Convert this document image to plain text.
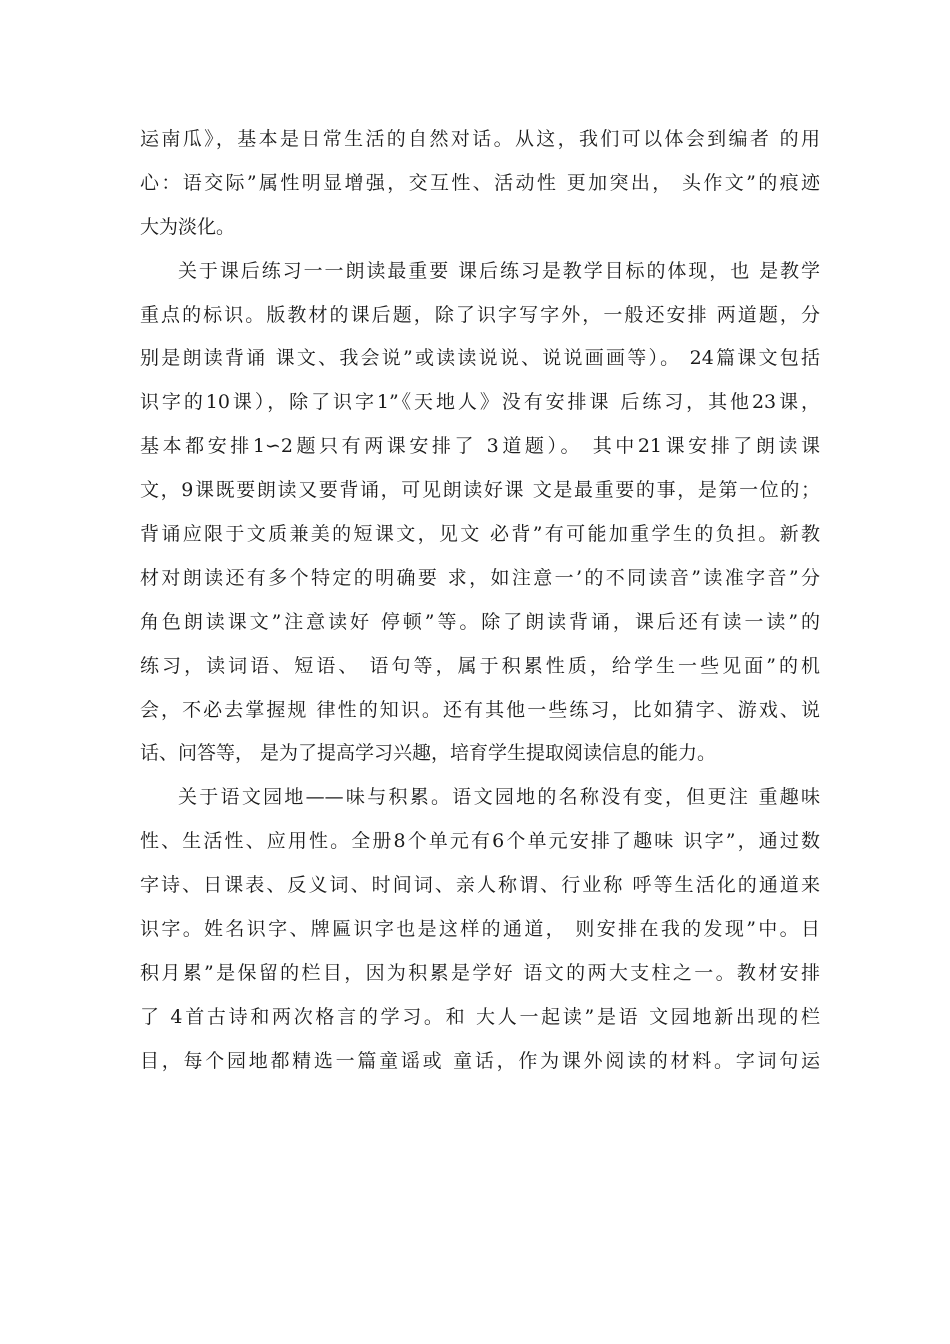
运南瓜》，基本是日常生活的自然对话。从这，我们可以体会到编者 的用
心：语交际”属性明显增强，交互性、活动性 更加突出， 头作文”的痕迹
大为淡化。
关于课后练习一一朗读最重要 课后练习是教学目标的体现，也 是教学
重点的标识。版教材的课后题，除了识字写字外，一般还安排 两道题，分
别是朗读背诵 课文、我会说”或读读说说、说说画画等）。 24篇课文包括
识字的10课），除了识字1”《天地人》没有安排课 后练习，其他23课，
基本都安排1∽2题只有两课安排了 3道题）。 其中21课安排了朗读课
文，9课既要朗读又要背诵，可见朗读好课 文是最重要的事，是第一位的；
背诵应限于文质兼美的短课文，见文 必背”有可能加重学生的负担。新教
材对朗读还有多个特定的明确要 求，如注意一’的不同读音”读准字音”分
角色朗读课文”注意读好 停顿”等。除了朗读背诵，课后还有读一读”的
练习，读词语、短语、 语句等，属于积累性质，给学生一些见面”的机
会，不必去掌握规 律性的知识。还有其他一些练习，比如猜字、游戏、说
话、问答等， 是为了提高学习兴趣，培育学生提取阅读信息的能力。
关于语文园地——味与积累。语文园地的名称没有变，但更注 重趣味
性、生活性、应用性。全册8个单元有6个单元安排了趣味 识字”，通过数
字诗、日课表、反义词、时间词、亲人称谓、行业称 呼等生活化的通道来
识字。姓名识字、牌匾识字也是这样的通道， 则安排在我的发现”中。日
积月累”是保留的栏目，因为积累是学好 语文的两大支柱之一。教材安排
了 4首古诗和两次格言的学习。和 大人一起读”是语 文园地新出现的栏
目，每个园地都精选一篇童谣或 童话，作为课外阅读的材料。字词句运
